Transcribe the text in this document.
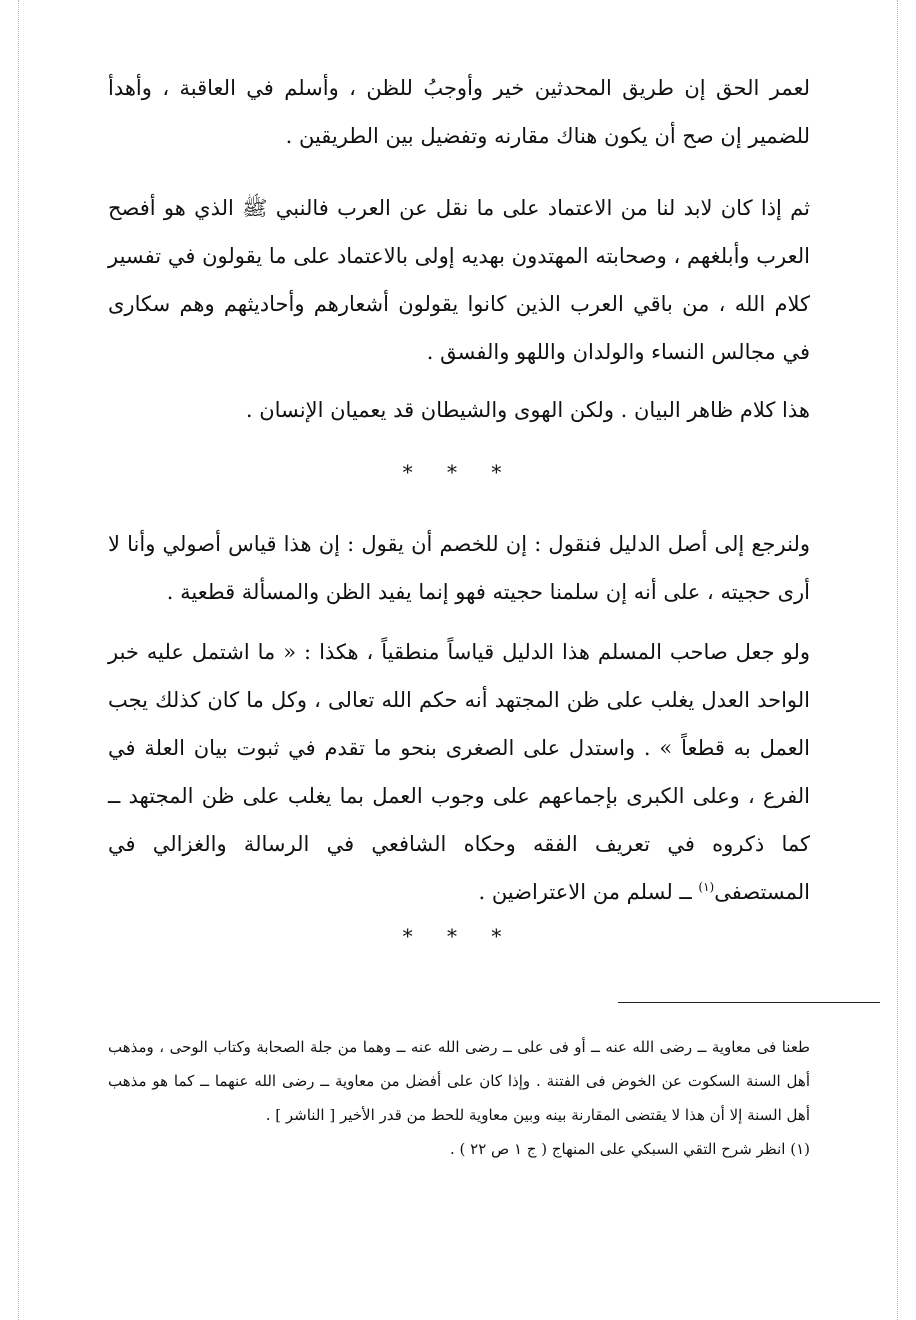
لعمر الحق إن طريق المحدثين خير وأوجبُ للظن ، وأسلم في العاقبة ، وأهدأ للضمير إن صح أن يكون هناك مقارنه وتفضيل بين الطريقين .

ثم إذا كان لابد لنا من الاعتماد على ما نقل عن العرب فالنبي ﷺ الذي هو أفصح العرب وأبلغهم ، وصحابته المهتدون بهديه إولى بالاعتماد على ما يقولون في تفسير كلام الله ، من باقي العرب الذين كانوا يقولون أشعارهم وأحاديثهم وهم سكارى في مجالس النساء والولدان واللهو والفسق .

هذا كلام ظاهر البيان . ولكن الهوى والشيطان قد يعميان الإنسان .

* * *

ولنرجع إلى أصل الدليل فنقول : إن للخصم أن يقول : إن هذا قياس أصولي وأنا لا أرى حجيته ، على أنه إن سلمنا حجيته فهو إنما يفيد الظن والمسألة قطعية .

ولو جعل صاحب المسلم هذا الدليل قياساً منطقياً ، هكذا : « ما اشتمل عليه خبر الواحد العدل يغلب على ظن المجتهد أنه حكم الله تعالى ، وكل ما كان كذلك يجب العمل به قطعاً » . واستدل على الصغرى بنحو ما تقدم في ثبوت بيان العلة في الفرع ، وعلى الكبرى بإجماعهم على وجوب العمل بما يغلب على ظن المجتهد ــ كما ذكروه في تعريف الفقه وحكاه الشافعي في الرسالة والغزالي في المستصفى$^{(١)}$ ــ لسلم من الاعتراضين .

* * *

طعنا فى معاوية ــ رضى الله عنه ــ أو فى على ــ رضى الله عنه ــ وهما من جلة الصحابة وكتاب الوحى ، ومذهب أهل السنة السكوت عن الخوض فى الفتنة . وإذا كان على أفضل من معاوية ــ رضى الله عنهما ــ كما هو مذهب أهل السنة إلا أن هذا لا يقتضى المقارنة بينه وبين معاوية للحط من قدر الأخير [ الناشر ] .

(١) انظر شرح التقي السبكي على المنهاج ( ج ١ ص ٢٢ ) .
